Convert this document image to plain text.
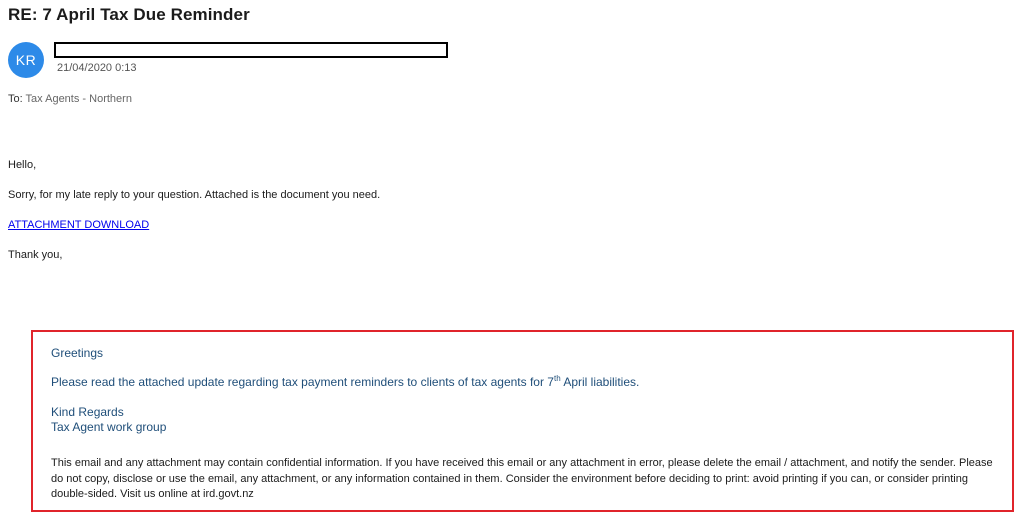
RE: 7 April Tax Due Reminder
KR 21/04/2020 0:13
To: Tax Agents - Northern
Hello,
Sorry, for my late reply to your question. Attached is the document you need.
ATTACHMENT DOWNLOAD
Thank you,
Greetings
Please read the attached update regarding tax payment reminders to clients of tax agents for 7th April liabilities.
Kind Regards
Tax Agent work group
This email and any attachment may contain confidential information. If you have received this email or any attachment in error, please delete the email / attachment, and notify the sender. Please do not copy, disclose or use the email, any attachment, or any information contained in them. Consider the environment before deciding to print: avoid printing if you can, or consider printing double-sided. Visit us online at ird.govt.nz
